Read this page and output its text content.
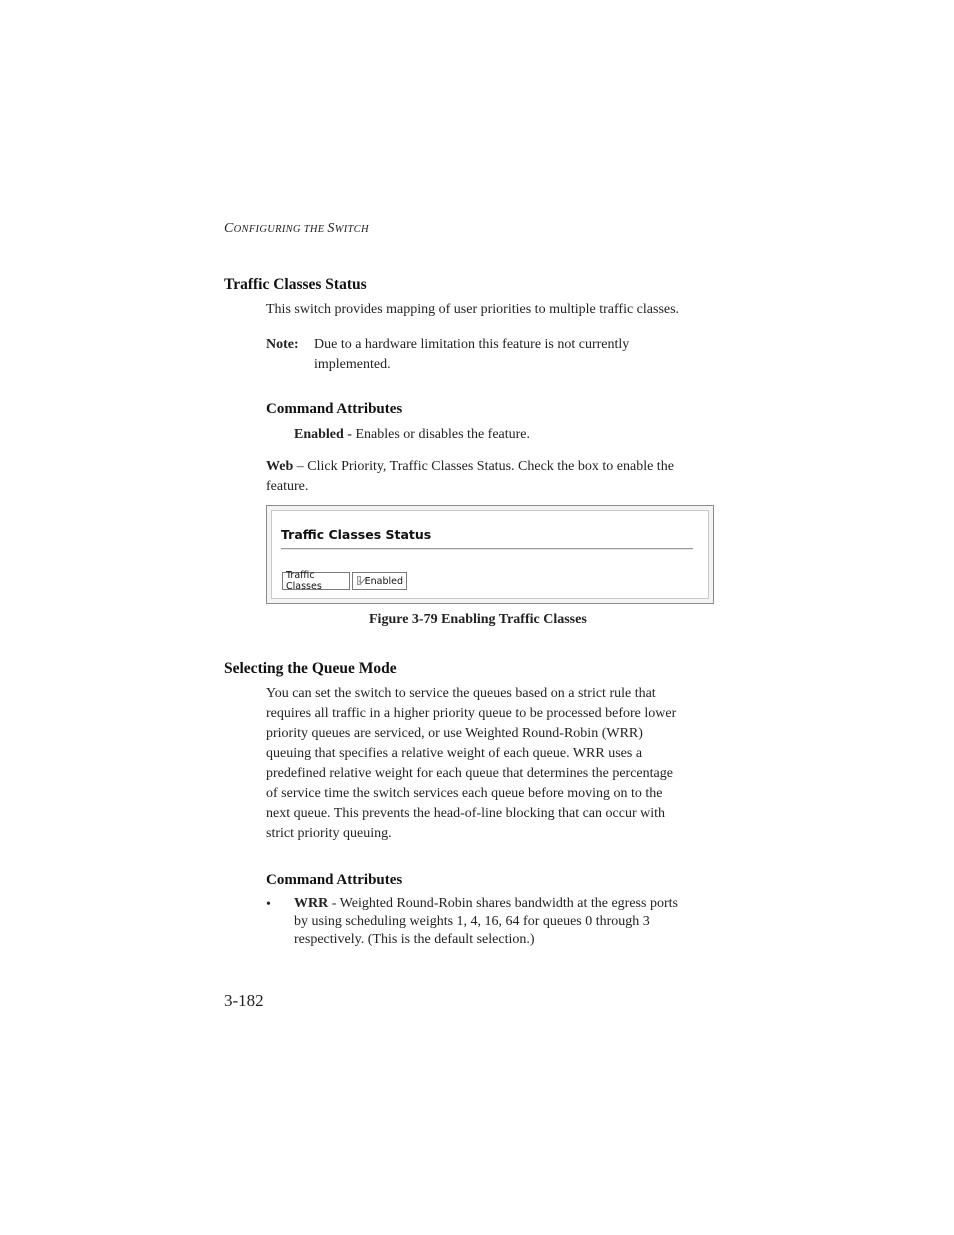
CONFIGURING THE SWITCH
Traffic Classes Status
This switch provides mapping of user priorities to multiple traffic classes.
Note: Due to a hardware limitation this feature is not currently
implemented.
Command Attributes
Enabled - Enables or disables the feature.
Web – Click Priority, Traffic Classes Status. Check the box to enable the
feature.
Traffic Classes Status
Traffic Classes	Enabled
Figure 3-79 Enabling Traffic Classes
Selecting the Queue Mode
You can set the switch to service the queues based on a strict rule that
requires all traffic in a higher priority queue to be processed before lower
priority queues are serviced, or use Weighted Round-Robin (WRR)
queuing that specifies a relative weight of each queue. WRR uses a
predefined relative weight for each queue that determines the percentage
of service time the switch services each queue before moving on to the
next queue. This prevents the head-of-line blocking that can occur with
strict priority queuing.
Command Attributes
• WRR - Weighted Round-Robin shares bandwidth at the egress ports
by using scheduling weights 1, 4, 16, 64 for queues 0 through 3
respectively. (This is the default selection.)
3-182
